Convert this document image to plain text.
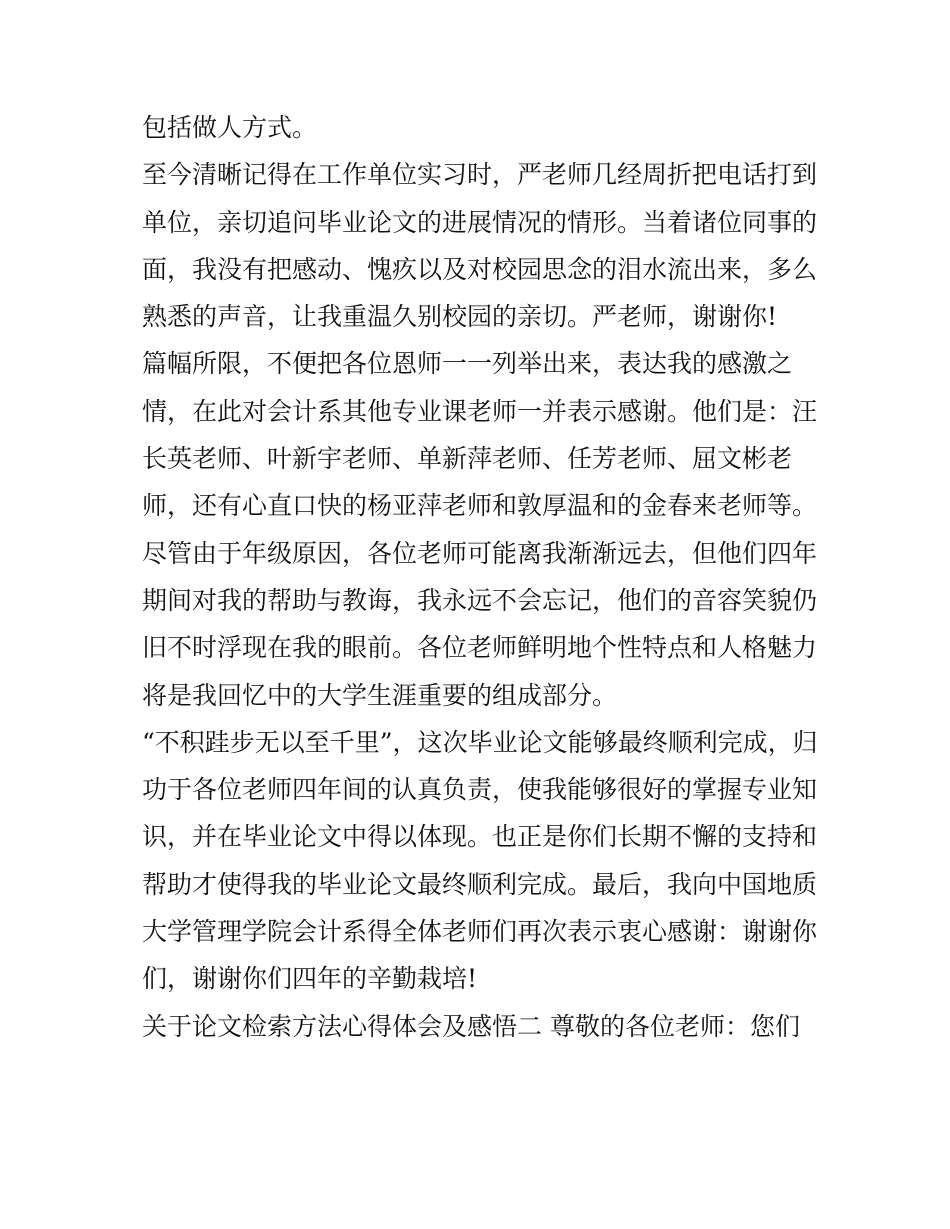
包括做人方式。
至今清晰记得在工作单位实习时，严老师几经周折把电话打到
单位，亲切追问毕业论文的进展情况的情形。当着诸位同事的
面，我没有把感动、愧疚以及对校园思念的泪水流出来，多么
熟悉的声音，让我重温久别校园的亲切。严老师，谢谢你!
篇幅所限，不便把各位恩师一一列举出来，表达我的感激之
情，在此对会计系其他专业课老师一并表示感谢。他们是：汪
长英老师、叶新宇老师、单新萍老师、任芳老师、屈文彬老
师，还有心直口快的杨亚萍老师和敦厚温和的金春来老师等。
尽管由于年级原因，各位老师可能离我渐渐远去，但他们四年
期间对我的帮助与教诲，我永远不会忘记，他们的音容笑貌仍
旧不时浮现在我的眼前。各位老师鲜明地个性特点和人格魅力
将是我回忆中的大学生涯重要的组成部分。
“不积跬步无以至千里”，这次毕业论文能够最终顺利完成，归
功于各位老师四年间的认真负责，使我能够很好的掌握专业知
识，并在毕业论文中得以体现。也正是你们长期不懈的支持和
帮助才使得我的毕业论文最终顺利完成。最后，我向中国地质
大学管理学院会计系得全体老师们再次表示衷心感谢：谢谢你
们，谢谢你们四年的辛勤栽培!
关于论文检索方法心得体会及感悟二 尊敬的各位老师：您们
